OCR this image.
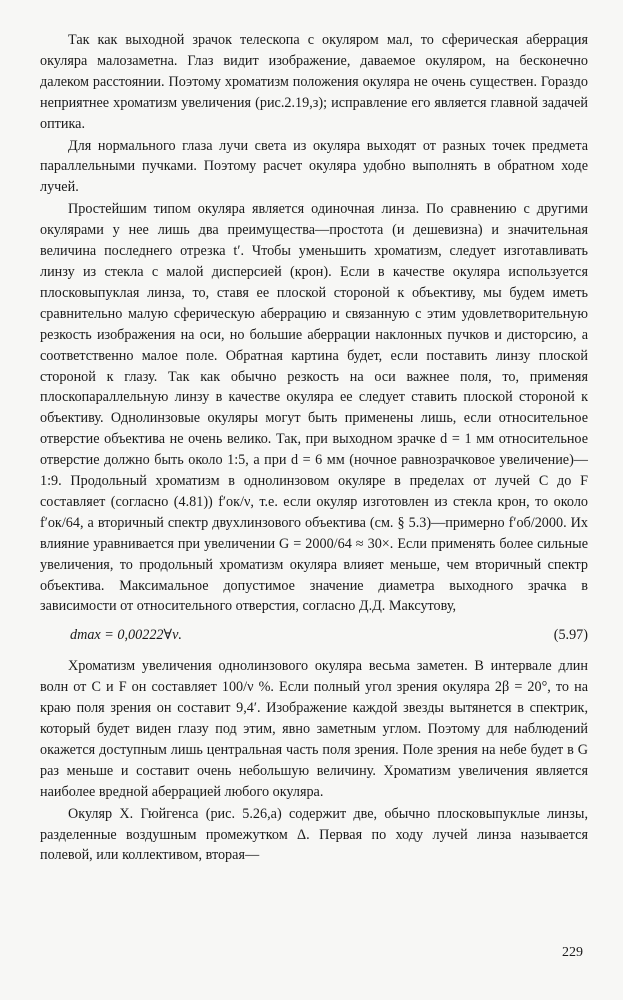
Так как выходной зрачок телескопа с окуляром мал, то сферическая аберрация окуляра малозаметна. Глаз видит изображение, даваемое окуляром, на бесконечно далеком расстоянии. Поэтому хроматизм положения окуляра не очень существен. Гораздо неприятнее хроматизм увеличения (рис.2.19,з); исправление его является главной задачей оптика.

Для нормального глаза лучи света из окуляра выходят от разных точек предмета параллельными пучками. Поэтому расчет окуляра удобно выполнять в обратном ходе лучей.

Простейшим типом окуляра является одиночная линза. По сравнению с другими окулярами у нее лишь два преимущества—простота (и дешевизна) и значительная величина последнего отрезка t′. Чтобы уменьшить хроматизм, следует изготавливать линзу из стекла с малой дисперсией (крон). Если в качестве окуляра используется плосковыпуклая линза, то, ставя ее плоской стороной к объективу, мы будем иметь сравнительно малую сферическую аберрацию и связанную с этим удовлетворительную резкость изображения на оси, но большие аберрации наклонных пучков и дисторсию, а соответственно малое поле. Обратная картина будет, если поставить линзу плоской стороной к глазу. Так как обычно резкость на оси важнее поля, то, применяя плоскопараллельную линзу в качестве окуляра ее следует ставить плоской стороной к объективу. Однолинзовые окуляры могут быть применены лишь, если относительное отверстие объектива не очень велико. Так, при выходном зрачке d = 1 мм относительное отверстие должно быть около 1:5, а при d = 6 мм (ночное равнозрачковое увеличение)—1:9. Продольный хроматизм в однолинзовом окуляре в пределах от лучей C до F составляет (согласно (4.81)) f′ок/ν, т.е. если окуляр изготовлен из стекла крон, то около f′ок/64, а вторичный спектр двухлинзового объектива (см. § 5.3)—примерно f′об/2000. Их влияние уравнивается при увеличении G = 2000/64 ≈ 30×. Если применять более сильные увеличения, то продольный хроматизм окуляра влияет меньше, чем вторичный спектр объектива. Максимальное допустимое значение диаметра выходного зрачка в зависимости от относительного отверстия, согласно Д.Д. Максутову,

dmax = 0,00222∀ν.	(5.97)

Хроматизм увеличения однолинзового окуляра весьма заметен. В интервале длин волн от C и F он составляет 100/ν %. Если полный угол зрения окуляра 2β = 20°, то на краю поля зрения он составит 9,4′. Изображение каждой звезды вытянется в спектрик, который будет виден глазу под этим, явно заметным углом. Поэтому для наблюдений окажется доступным лишь центральная часть поля зрения. Поле зрения на небе будет в G раз меньше и составит очень небольшую величину. Хроматизм увеличения является наиболее вредной аберрацией любого окуляра.

Окуляр Х. Гюйгенса (рис. 5.26,а) содержит две, обычно плосковыпуклые линзы, разделенные воздушным промежутком Δ. Первая по ходу лучей линза называется полевой, или коллективом, вторая—

229
